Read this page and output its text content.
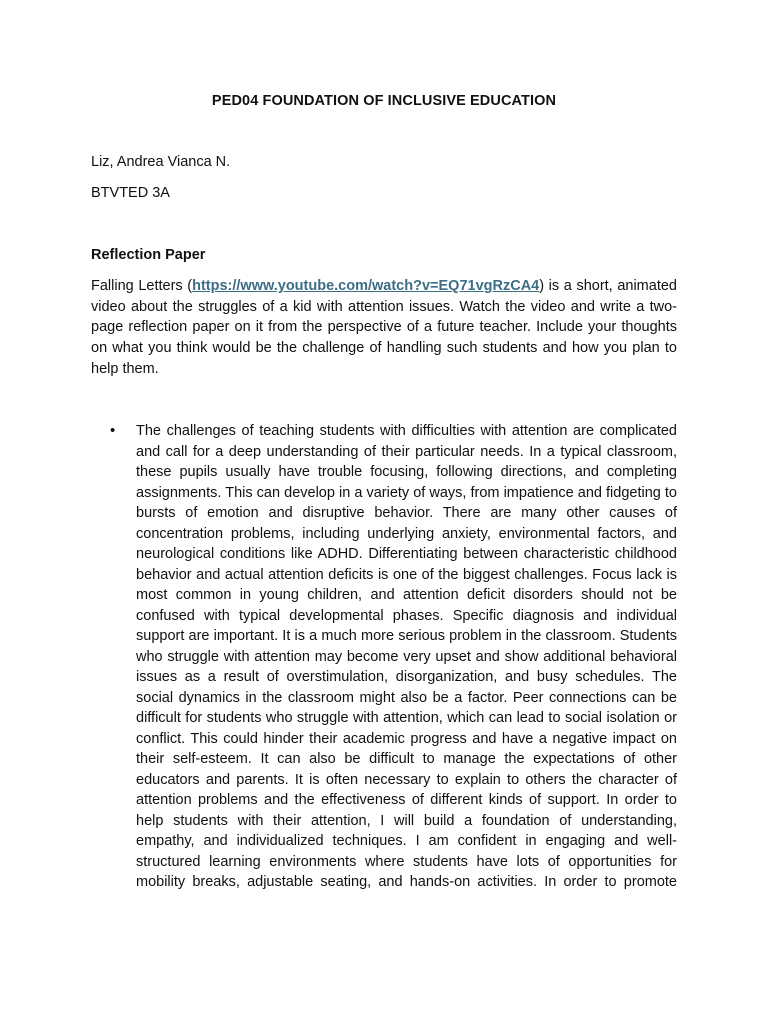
PED04 FOUNDATION OF INCLUSIVE EDUCATION
Liz, Andrea Vianca N.
BTVTED 3A
Reflection Paper
Falling Letters (https://www.youtube.com/watch?v=EQ71vgRzCA4) is a short, animated video about the struggles of a kid with attention issues. Watch the video and write a two-page reflection paper on it from the perspective of a future teacher. Include your thoughts on what you think would be the challenge of handling such students and how you plan to help them.
• The challenges of teaching students with difficulties with attention are complicated and call for a deep understanding of their particular needs. In a typical classroom, these pupils usually have trouble focusing, following directions, and completing assignments. This can develop in a variety of ways, from impatience and fidgeting to bursts of emotion and disruptive behavior. There are many other causes of concentration problems, including underlying anxiety, environmental factors, and neurological conditions like ADHD. Differentiating between characteristic childhood behavior and actual attention deficits is one of the biggest challenges. Focus lack is most common in young children, and attention deficit disorders should not be confused with typical developmental phases. Specific diagnosis and individual support are important. It is a much more serious problem in the classroom. Students who struggle with attention may become very upset and show additional behavioral issues as a result of overstimulation, disorganization, and busy schedules. The social dynamics in the classroom might also be a factor. Peer connections can be difficult for students who struggle with attention, which can lead to social isolation or conflict. This could hinder their academic progress and have a negative impact on their self-esteem. It can also be difficult to manage the expectations of other educators and parents. It is often necessary to explain to others the character of attention problems and the effectiveness of different kinds of support. In order to help students with their attention, I will build a foundation of understanding, empathy, and individualized techniques. I am confident in engaging and well-structured learning environments where students have lots of opportunities for mobility breaks, adjustable seating, and hands-on activities. In order to promote
